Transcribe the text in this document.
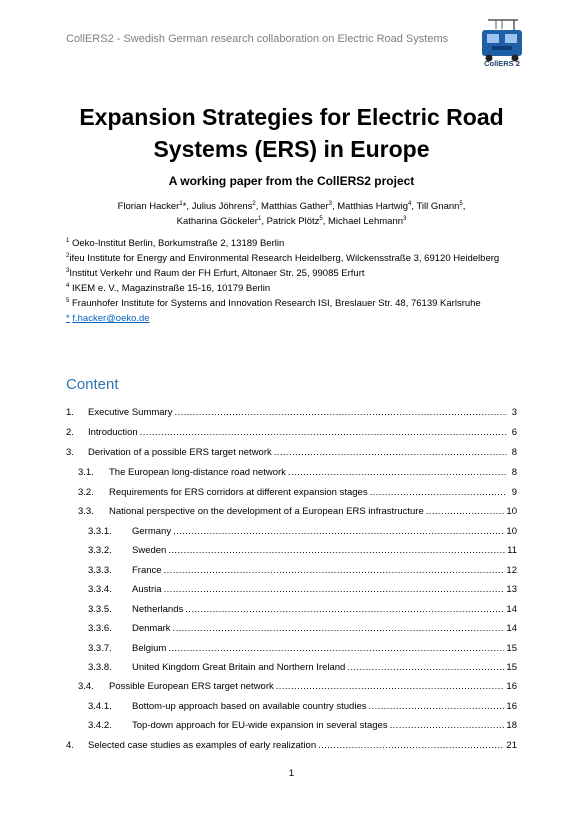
CollERS2 - Swedish German research collaboration on Electric Road Systems
CollERS 2
Expansion Strategies for Electric Road
Systems (ERS) in Europe
A working paper from the CollERS2 project
Florian Hacker$^1$*, Julius Jöhrens$^2$, Matthias Gather$^3$, Matthias Hartwig$^4$, Till Gnann$^5$,
Katharina Göckeler$^1$, Patrick Plötz$^5$, Michael Lehmann$^3$
$^1$ Oeko-Institut Berlin, Borkumstraße 2, 13189 Berlin
$^2$ifeu Institute for Energy and Environmental Research Heidelberg, Wilckensstraße 3, 69120 Heidelberg
$^3$Institut Verkehr und Raum der FH Erfurt, Altonaer Str. 25, 99085 Erfurt
$^4$ IKEM e. V., Magazinstraße 15-16, 10179 Berlin
$^5$ Fraunhofer Institute for Systems and Innovation Research ISI, Breslauer Str. 48, 76139 Karlsruhe
* f.hacker@oeko.de
Content
1.	Executive Summary .....	3
2.	Introduction .....	6
3.	Derivation of a possible ERS target network .....	8
3.1.	The European long-distance road network .....	8
3.2.	Requirements for ERS corridors at different expansion stages .....	9
3.3.	National perspective on the development of a European ERS infrastructure .....	10
3.3.1.	Germany .....	10
3.3.2.	Sweden .....	11
3.3.3.	France .....	12
3.3.4.	Austria .....	13
3.3.5.	Netherlands .....	14
3.3.6.	Denmark .....	14
3.3.7.	Belgium .....	15
3.3.8.	United Kingdom Great Britain and Northern Ireland .....	15
3.4.	Possible European ERS target network .....	16
3.4.1.	Bottom-up approach based on available country studies .....	16
3.4.2.	Top-down approach for EU-wide expansion in several stages .....	18
4.	Selected case studies as examples of early realization .....	21
1
